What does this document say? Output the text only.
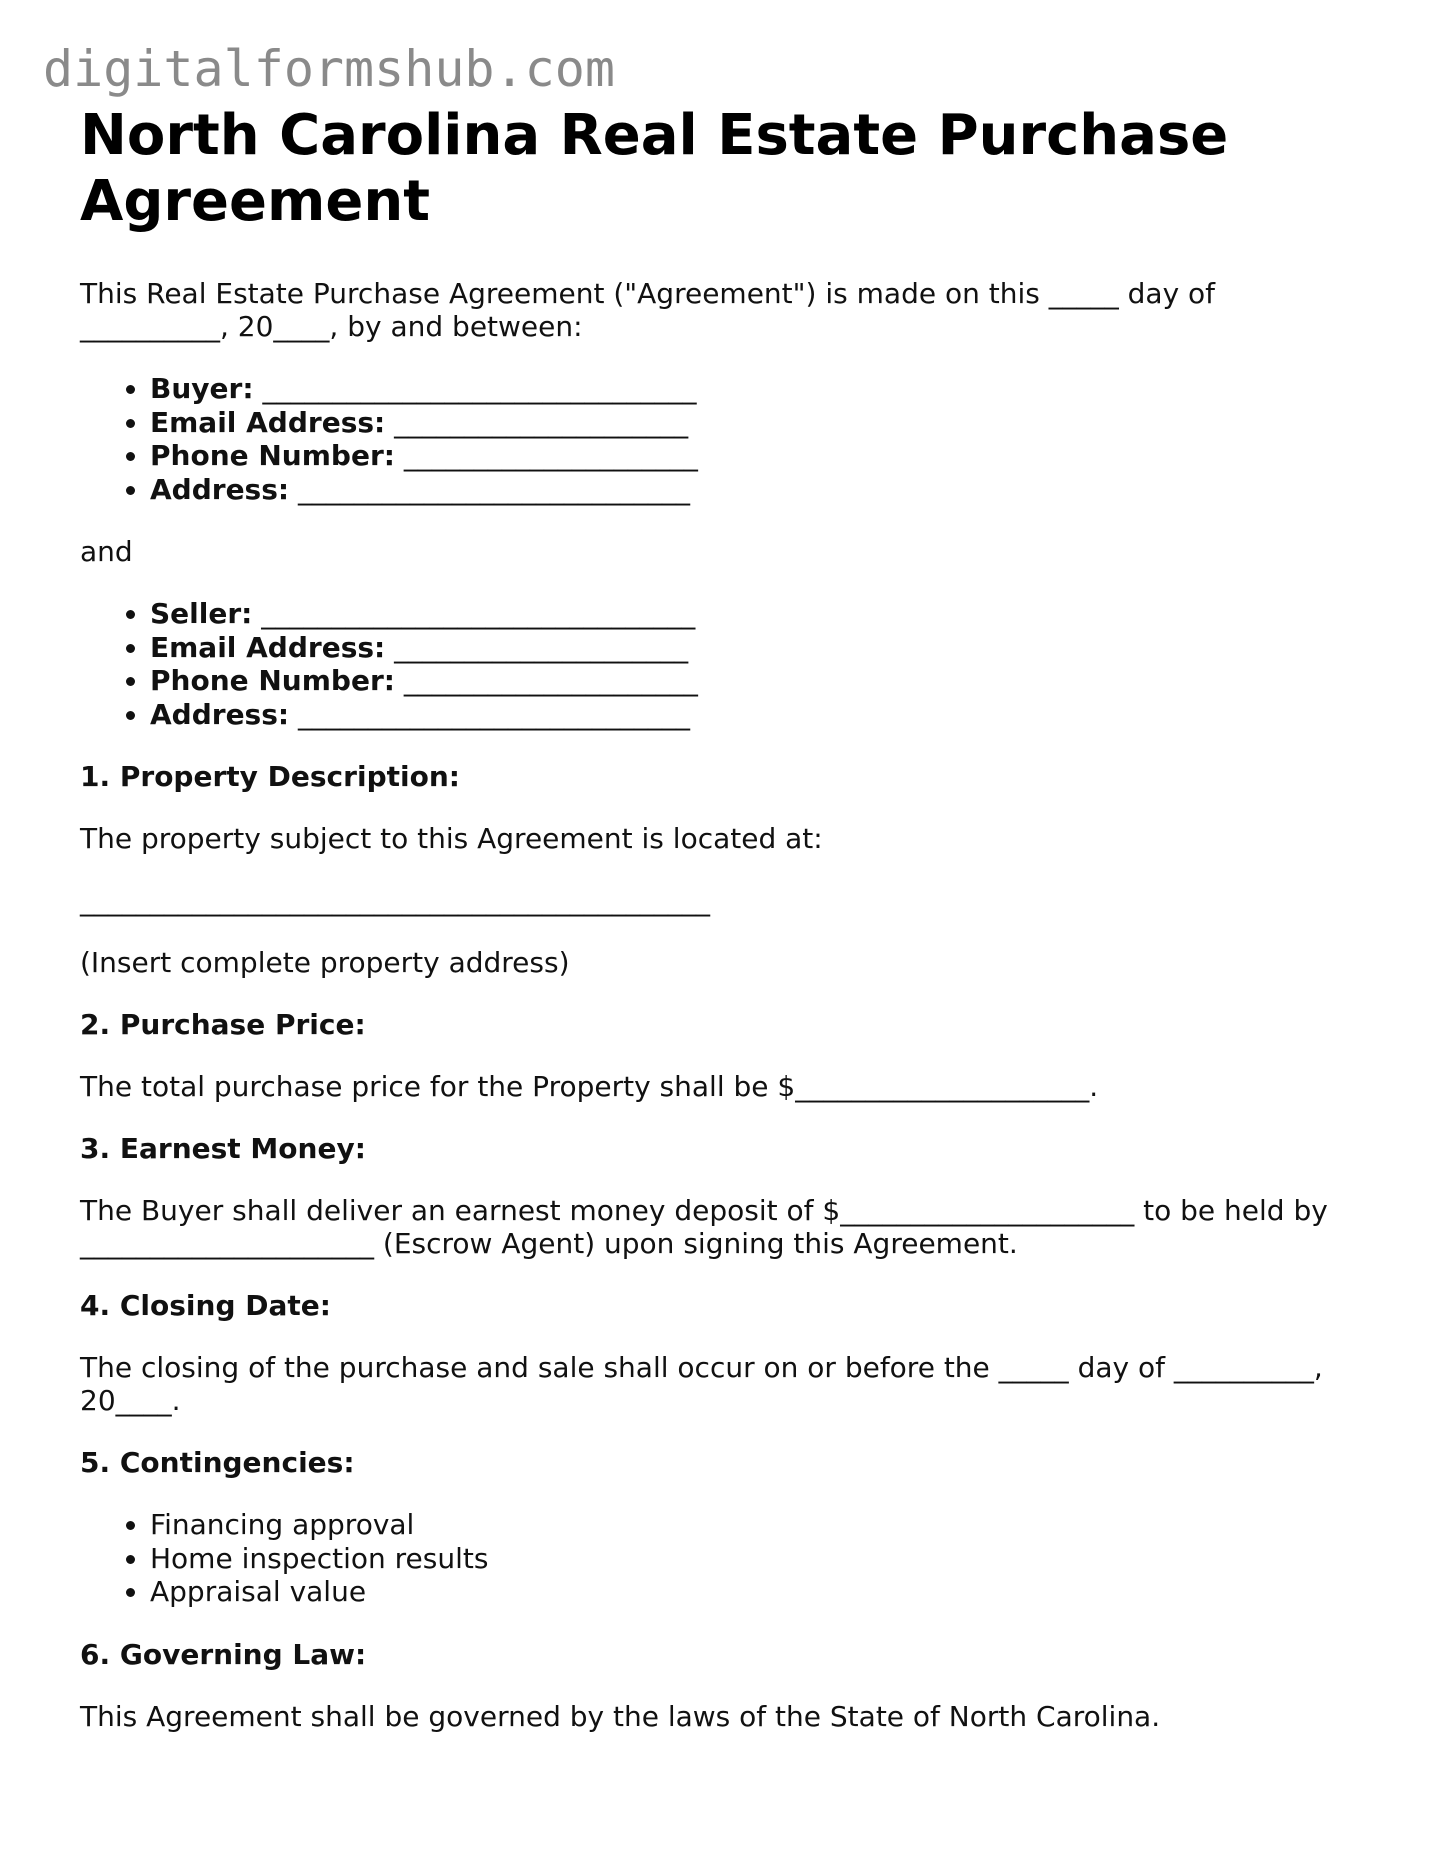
digitalformshub.com

North Carolina Real Estate Purchase Agreement

This Real Estate Purchase Agreement ("Agreement") is made on this _____ day of __________, 20____, by and between:

• Buyer: _______________________________
• Email Address: _____________________
• Phone Number: _____________________
• Address: ____________________________

and

• Seller: _______________________________
• Email Address: _____________________
• Phone Number: _____________________
• Address: ____________________________
1. Property Description:

The property subject to this Agreement is located at:

_____________________________________________

(Insert complete property address)

2. Purchase Price:

The total purchase price for the Property shall be $_____________________.

3. Earnest Money:

The Buyer shall deliver an earnest money deposit of $_____________________ to be held by _____________________ (Escrow Agent) upon signing this Agreement.

4. Closing Date:

The closing of the purchase and sale shall occur on or before the _____ day of __________, 20____.

5. Contingencies:
• Financing approval
• Home inspection results
• Appraisal value
6. Governing Law:

This Agreement shall be governed by the laws of the State of North Carolina.
